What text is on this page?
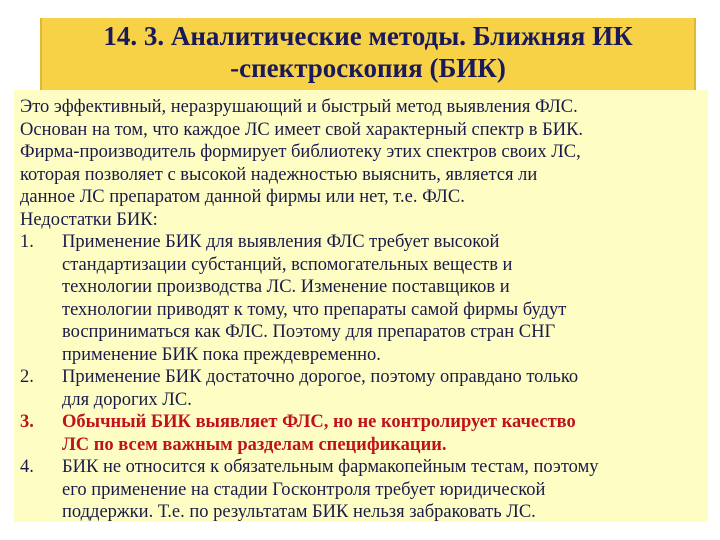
14. 3. Аналитические методы. Ближняя ИК
-спектроскопия (БИК)
Это эффективный, неразрушающий и быстрый метод выявления ФЛС.
Основан на том, что каждое ЛС имеет свой характерный спектр в БИК.
Фирма-производитель формирует библиотеку этих спектров своих ЛС,
которая позволяет с высокой надежностью выяснить, является ли
данное ЛС препаратом данной фирмы или нет, т.е. ФЛС.
Недостатки БИК:
1.	Применение БИК для выявления ФЛС требует высокой
стандартизации субстанций, вспомогательных веществ и
технологии производства ЛС. Изменение поставщиков и
технологии приводят к тому, что препараты самой фирмы будут
восприниматься как ФЛС. Поэтому для препаратов стран СНГ
применение БИК пока преждевременно.
2.	Применение БИК достаточно дорогое, поэтому оправдано только
для дорогих ЛС.
3.	Обычный БИК выявляет ФЛС, но не контролирует качество
ЛС по всем важным разделам спецификации.
4.	БИК не относится к обязательным фармакопейным тестам, поэтому
его применение на стадии Госконтроля требует юридической
поддержки. Т.е. по результатам БИК нельзя забраковать ЛС.
